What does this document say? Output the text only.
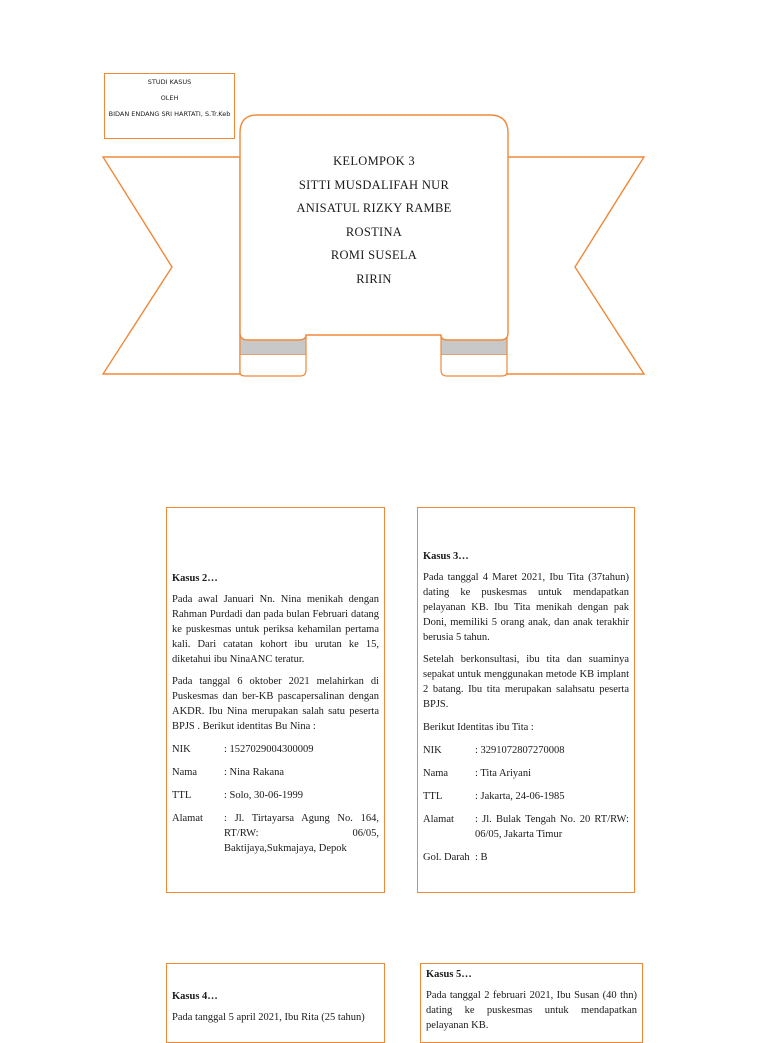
STUDI KASUS
OLEH
BIDAN ENDANG SRI HARTATI, S.Tr.Keb
KELOMPOK 3
SITTI MUSDALIFAH NUR
ANISATUL RIZKY RAMBE
ROSTINA
ROMI SUSELA
RIRIN

Kasus 2…

Pada awal Januari Nn. Nina menikah dengan Rahman Purdadi dan pada bulan Februari datang ke puskesmas untuk periksa kehamilan pertama kali. Dari catatan kohort ibu urutan ke 15, diketahui ibu NinaANC teratur.

Pada tanggal 6 oktober 2021 melahirkan di Puskesmas dan ber-KB pascapersalinan dengan AKDR. Ibu Nina merupakan salah satu peserta BPJS . Berikut identitas Bu Nina :

NIK	: 1527029004300009
Nama	: Nina Rakana
TTL	: Solo, 30-06-1999
Alamat	: Jl. Tirtayarsa Agung No. 164, RT/RW: 06/05, Baktijaya,Sukmajaya, Depok

Kasus 3…

Pada tanggal 4 Maret 2021, Ibu Tita (37tahun) dating ke puskesmas untuk mendapatkan pelayanan KB. Ibu Tita menikah dengan pak Doni, memiliki 5 orang anak, dan anak terakhir berusia 5 tahun.

Setelah berkonsultasi, ibu tita dan suaminya sepakat untuk menggunakan metode KB implant 2 batang. Ibu tita merupakan salahsatu peserta BPJS.

Berikut Identitas ibu Tita :

NIK	: 3291072807270008
Nama	: Tita Ariyani
TTL	: Jakarta, 24-06-1985
Alamat	: Jl. Bulak Tengah No. 20 RT/RW: 06/05, Jakarta Timur
Gol. Darah : B

Kasus 4…

Pada tanggal 5 april 2021, Ibu Rita (25 tahun)

Kasus 5…

Pada tanggal 2 februari 2021, Ibu Susan (40 thn) dating ke puskesmas untuk mendapatkan pelayanan KB.
